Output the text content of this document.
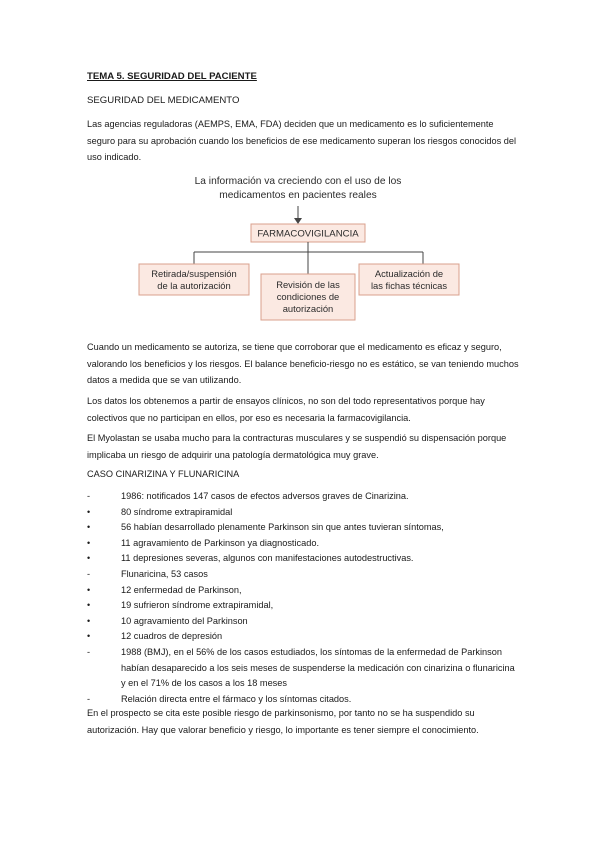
TEMA 5. SEGURIDAD DEL PACIENTE
SEGURIDAD DEL MEDICAMENTO
Las agencias reguladoras (AEMPS, EMA, FDA) deciden que un medicamento es lo suficientemente seguro para su aprobación cuando los beneficios de ese medicamento superan los riesgos conocidos del uso indicado.
Cuando un medicamento se autoriza, se tiene que corroborar que el medicamento es eficaz y seguro, valorando los beneficios y los riesgos. El balance beneficio-riesgo no es estático, se van teniendo muchos datos a medida que se van utilizando.
Los datos los obtenemos a partir de ensayos clínicos, no son del todo representativos porque hay colectivos que no participan en ellos, por eso es necesaria la farmacovigilancia.
El Myolastan se usaba mucho para la contracturas musculares y se suspendió su dispensación porque implicaba un riesgo de adquirir una patología dermatológica muy grave.
CASO CINARIZINA Y FLUNARICINA
-	1986: notificados 147 casos de efectos adversos graves de Cinarizina.
•	80 síndrome extrapiramidal
•	56 habían desarrollado plenamente Parkinson sin que antes tuvieran síntomas,
•	11 agravamiento de Parkinson ya diagnosticado.
•	11 depresiones severas, algunos con manifestaciones autodestructivas.
-	Flunaricina, 53 casos
•	12 enfermedad de Parkinson,
•	19 sufrieron síndrome extrapiramidal,
•	10 agravamiento del Parkinson
•	12 cuadros de depresión
-	1988 (BMJ), en el 56% de los casos estudiados, los síntomas de la enfermedad de Parkinson habían desaparecido a los seis meses de suspenderse la medicación con cinarizina o flunaricina y en el 71% de los casos a los 18 meses
-	Relación directa entre el fármaco y los síntomas citados.
En el prospecto se cita este posible riesgo de parkinsonismo, por tanto no se ha suspendido su autorización. Hay que valorar beneficio y riesgo, lo importante es tener siempre el conocimiento.
La información va creciendo con el uso de los
medicamentos en pacientes reales
FARMACOVIGILANCIA
Retirada/suspensión
de la autorización	Revisión de las
condiciones de
autorización
Actualización de
las fichas técnicas
